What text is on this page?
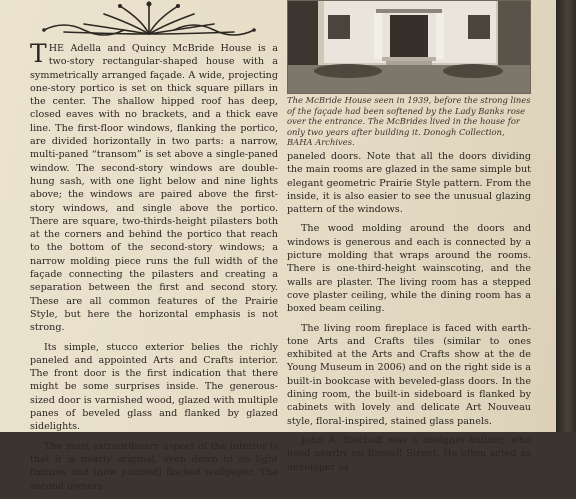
THE Adella and Quincy McBride House is a two-story rectangular-shaped house with a symmetrically arranged façade. A wide, projecting one-story portico is set on thick square pillars in the center. The shallow hipped roof has deep, closed eaves with no brackets, and a thick eave line. The first-floor windows, flanking the portico, are divided horizontally in two parts: a narrow, multi-paned “transom” is set above a single-paned window. The second-story windows are double-hung sash, with one light below and nine lights above; the windows are paired above the first-story windows, and single above the portico. There are square, two-thirds-height pilasters both at the corners and behind the portico that reach to the bottom of the second-story windows; a narrow molding piece runs the full width of the façade connecting the pilasters and creating a separation between the first and second story. These are all common features of the Prairie Style, but here the horizontal emphasis is not strong.

Its simple, stucco exterior belies the richly paneled and appointed Arts and Crafts interior. The front door is the first indication that there might be some surprises inside. The generous-sized door is varnished wood, glazed with multiple panes of beveled glass and flanked by glazed sidelights.

The most extraordinary aspect of the interior is that it is nearly original, even down to its light fixtures and (now painted) flocked wallpaper. The second owners

The McBride House seen in 1939, before the strong lines of the façade had been softened by the Lady Banks rose over the entrance. The McBrides lived in the house for only two years after building it. Donogh Collection, BAHA Archives.

paneled doors. Note that all the doors dividing the main rooms are glazed in the same simple but elegant geometric Prairie Style pattern. From the inside, it is also easier to see the unusual glazing pattern of the windows.

The wood molding around the doors and windows is generous and each is connected by a picture molding that wraps around the rooms. There is one-third-height wainscoting, and the walls are plaster. The living room has a stepped cove plaster ceiling, while the dining room has a boxed beam ceiling.

The living room fireplace is faced with earth-tone Arts and Crafts tiles (similar to ones exhibited at the Arts and Crafts show at the de Young Museum in 2006) and on the right side is a built-in bookcase with beveled-glass doors. In the dining room, the built-in sideboard is flanked by cabinets with lovely and delicate Art Nouveau style, floral-inspired, stained glass panels.

John A. Bischoff was a designer-builder, who lived nearby on Russell Street. He often acted as developer as
